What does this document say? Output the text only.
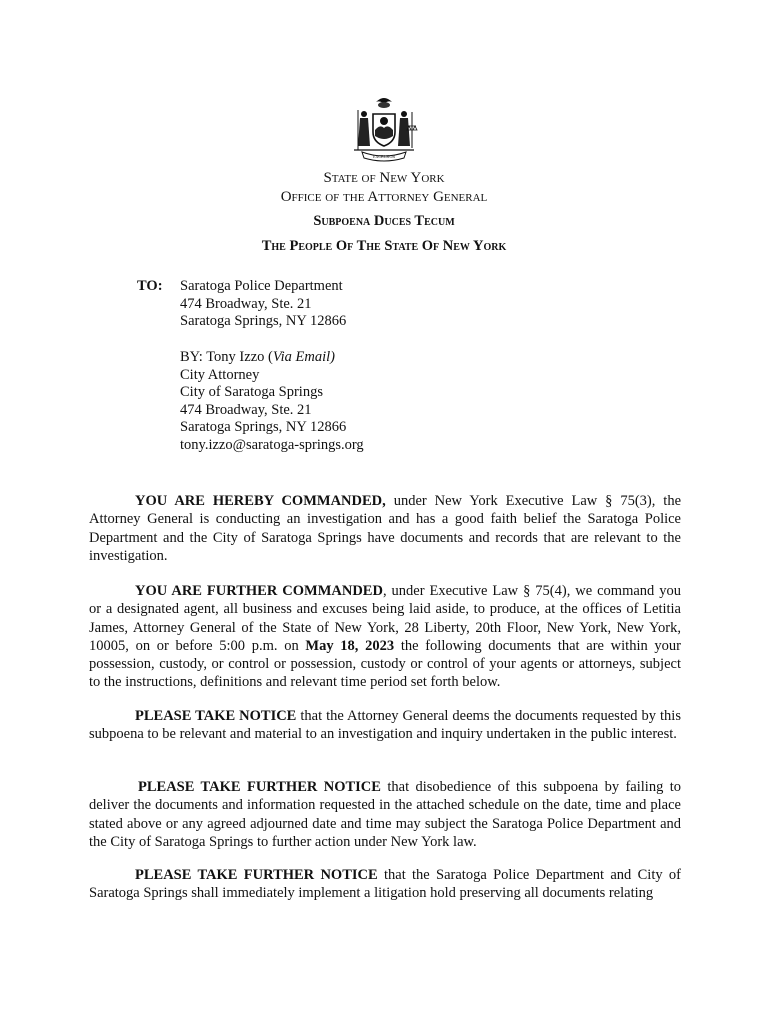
EXCELSIOR
State of New York
Office of the Attorney General
Subpoena Duces Tecum
The People Of The State Of New York
TO: Saratoga Police Department
474 Broadway, Ste. 21
Saratoga Springs, NY 12866
BY: Tony Izzo (Via Email)
City Attorney
City of Saratoga Springs
474 Broadway, Ste. 21
Saratoga Springs, NY 12866
tony.izzo@saratoga-springs.org
YOU ARE HEREBY COMMANDED, under New York Executive Law § 75(3), the Attorney General is conducting an investigation and has a good faith belief the Saratoga Police Department and the City of Saratoga Springs have documents and records that are relevant to the investigation.
YOU ARE FURTHER COMMANDED, under Executive Law § 75(4), we command you or a designated agent, all business and excuses being laid aside, to produce, at the offices of Letitia James, Attorney General of the State of New York, 28 Liberty, 20th Floor, New York, New York, 10005, on or before 5:00 p.m. on May 18, 2023 the following documents that are within your possession, custody, or control or possession, custody or control of your agents or attorneys, subject to the instructions, definitions and relevant time period set forth below.
PLEASE TAKE NOTICE that the Attorney General deems the documents requested by this subpoena to be relevant and material to an investigation and inquiry undertaken in the public interest.
PLEASE TAKE FURTHER NOTICE that disobedience of this subpoena by failing to deliver the documents and information requested in the attached schedule on the date, time and place stated above or any agreed adjourned date and time may subject the Saratoga Police Department and the City of Saratoga Springs to further action under New York law.
PLEASE TAKE FURTHER NOTICE that the Saratoga Police Department and City of Saratoga Springs shall immediately implement a litigation hold preserving all documents relating
